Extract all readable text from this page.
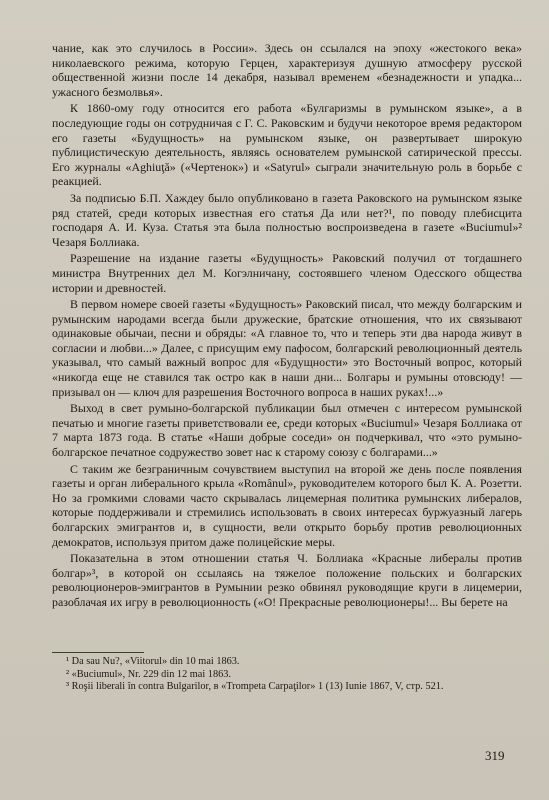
чание, как это случилось в России». Здесь он ссылался на эпоху «жестокого века» николаевского режима, которую Герцен, характеризуя душную атмосферу русской общественной жизни после 14 декабря, называл временем «безнадежности и упадка... ужасного безмолвья».

К 1860-ому году относится его работа «Булгаризмы в румынском языке», а в последующие годы он сотрудничая с Г. С. Раковским и будучи некоторое время редактором его газеты «Будущность» на румынском языке, он развертывает широкую публицистическую деятельность, являясь основателем румынской сатирической прессы. Его журналы «Aghiuţă» («Чертенок») и «Satyrul» сыграли значительную роль в борьбе с реакцией.

За подписью Б.П. Хаждеу было опубликовано в газета Раковского на румынском языке ряд статей, среди которых известная его статья Да или нет?¹, по поводу плебисцита господаря А. И. Куза. Статья эта была полностью воспроизведена в газете «Buciumul»² Чезаря Боллиака.

Разрешение на издание газеты «Будущность» Раковский получил от тогдашнего министра Внутренних дел М. Когэлничану, состоявшего членом Одесского общества истории и древностей.

В первом номере своей газеты «Будущность» Раковский писал, что между болгарским и румынским народами всегда были дружеские, братские отношения, что их связывают одинаковые обычаи, песни и обряды: «А главное то, что и теперь эти два народа живут в согласии и любви...» Далее, с присущим ему пафосом, болгарский революционный деятель указывал, что самый важный вопрос для «Будущности» это Восточный вопрос, который «никогда еще не ставился так остро как в наши дни... Болгары и румыны отовсюду! — призывал он — ключ для разрешения Восточного вопроса в наших руках!...»

Выход в свет румыно-болгарской публикации был отмечен с интересом румынской печатью и многие газеты приветствовали ее, среди которых «Buciumul» Чезаря Боллиака от 7 марта 1873 года. В статье «Наши добрые соседи» он подчеркивал, что «это румыно-болгарское печатное содружество зовет нас к старому союзу с болгарами...»

С таким же безграничным сочувствием выступил на второй же день после появления газеты и орган либерального крыла «Românul», руководителем которого был К. А. Розетти. Но за громкими словами часто скрывалась лицемерная политика румынских либералов, которые поддерживали и стремились использовать в своих интересах буржуазный лагерь болгарских эмигрантов и, в сущности, вели открыто борьбу против революционных демократов, используя притом даже полицейские меры.

Показательна в этом отношении статья Ч. Боллиака «Красные либералы против болгар»³, в которой он ссылаясь на тяжелое положение польских и болгарских революционеров-эмигрантов в Румынии резко обвинял руководящие круги в лицемерии, разоблачая их игру в революционность («О! Прекрасные революционеры!... Вы берете на

¹ Da sau Nu?, «Viitorul» din 10 mai 1863.

² «Buciumul», Nr. 229 din 12 mai 1863.

³ Roşii liberali în contra Bulgarilor, в «Trompeta Carpaţilor» 1 (13) Iunie 1867, V, стр. 521.

319
